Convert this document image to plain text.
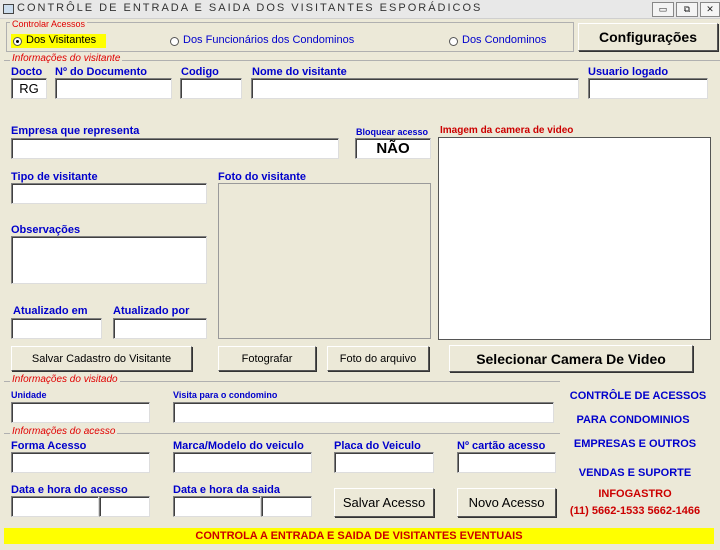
CONTRÔLE DE ENTRADA E SAIDA DOS VISITANTES ESPORÁDICOS	▭	⧉	✕
Controlar Acessos
Dos Visitantes	Dos Funcionários dos Condominos	Dos Condominos	Configurações
Informações do visitante
Docto
RG
Nº do Documento	Codigo	Nome do visitante	Usuario logado
Empresa que representa	Bloquear acesso
NÃO
Imagem da camera de video
Tipo de visitante	Foto do visitante
Observações
Atualizado em Atualizado por
Salvar Cadastro do Visitante	Fotografar	Foto do arquivo	Selecionar Camera De Video
Informações do visitado
Unidade	Visita para o condomino
Informações do acesso
Forma Acesso	Marca/Modelo do veiculo	Placa do Veiculo	Nº cartão acesso
Data e hora do acesso	Data e hora da saida
Salvar Acesso	Novo Acesso
CONTRÔLE DE ACESSOS
PARA CONDOMINIOS
EMPRESAS E OUTROS
VENDAS E SUPORTE
INFOGASTRO
(11) 5662-1533 5662-1466
CONTROLA A ENTRADA E SAIDA DE VISITANTES EVENTUAIS
